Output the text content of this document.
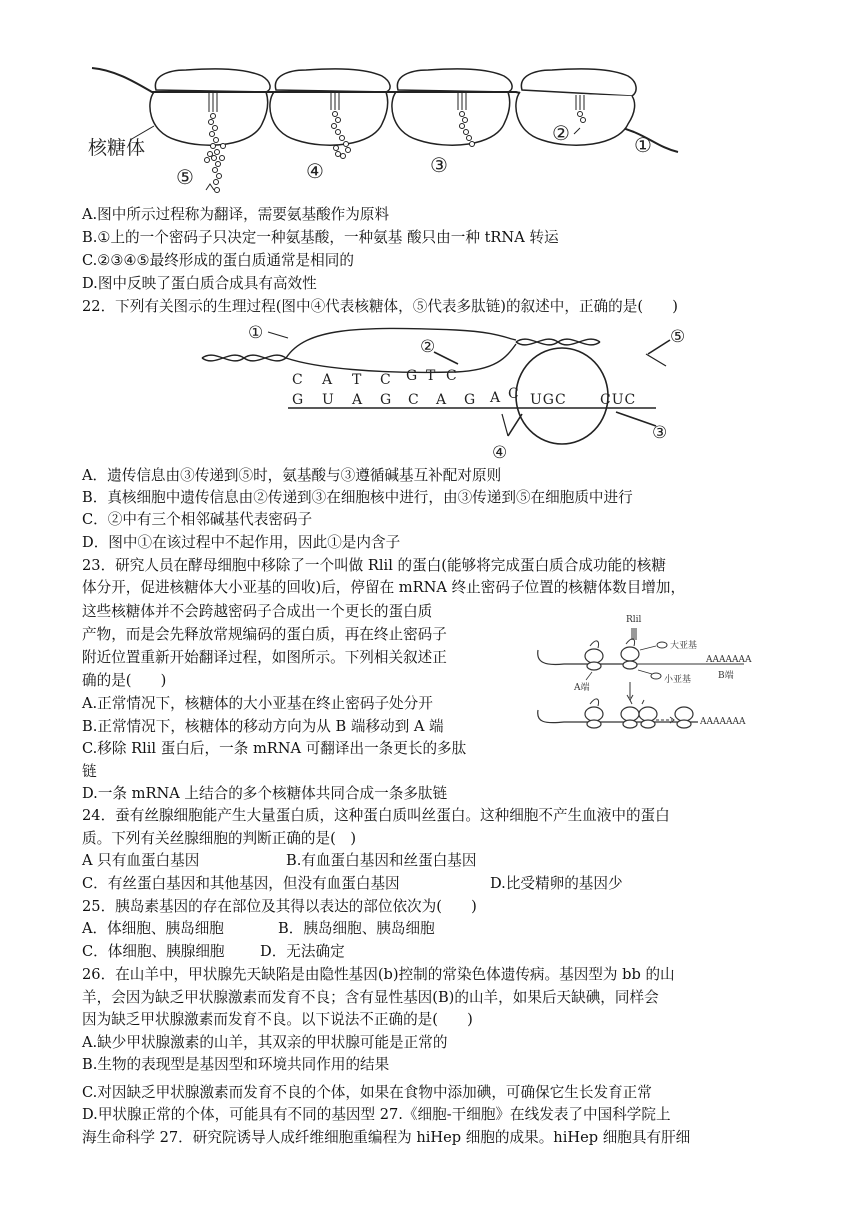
核糖体
⑤	④	③
②	①
A.图中所示过程称为翻译，需要氨基酸作为原料
B.①上的一个密码子只决定一种氨基酸，一种氨基 酸只由一种 tRNA 转运
C.②③④⑤最终形成的蛋白质通常是相同的
D.图中反映了蛋白质合成具有高效性
22．下列有关图示的生理过程(图中④代表核糖体，⑤代表多肽链)的叙述中，正确的是(　　)
C A T C G T C
G U A G C A G A C UGC CUC
①
②	⑤
③
④
A．遗传信息由③传递到⑤时，氨基酸与③遵循碱基互补配对原则
B．真核细胞中遗传信息由②传递到③在细胞核中进行，由③传递到⑤在细胞质中进行
C．②中有三个相邻碱基代表密码子
D．图中①在该过程中不起作用，因此①是内含子
23．研究人员在酵母细胞中移除了一个叫做 Rlil 的蛋白(能够将完成蛋白质合成功能的核糖
体分开，促进核糖体大小亚基的回收)后，停留在 mRNA 终止密码子位置的核糖体数目增加，
这些核糖体并不会跨越密码子合成出一个更长的蛋白质
产物，而是会先释放常规编码的蛋白质，再在终止密码子
附近位置重新开始翻译过程，如图所示。下列相关叙述正
确的是(　　)
Rlil
大亚基
小亚基
AAAAAAA
B端
A端
AAAAAAA
A.正常情况下，核糖体的大小亚基在终止密码子处分开
B.正常情况下，核糖体的移动方向为从 B 端移动到 A 端
C.移除 Rlil 蛋白后，一条 mRNA 可翻译出一条更长的多肽
链
D.一条 mRNA 上结合的多个核糖体共同合成一条多肽链
24．蚕有丝腺细胞能产生大量蛋白质，这种蛋白质叫丝蛋白。这种细胞不产生血液中的蛋白
质。下列有关丝腺细胞的判断正确的是(　)
A 只有血蛋白基因	B.有血蛋白基因和丝蛋白基因
C．有丝蛋白基因和其他基因，但没有血蛋白基因	D.比受精卵的基因少
25．胰岛素基因的存在部位及其得以表达的部位依次为(　　)
A．体细胞、胰岛细胞	B．胰岛细胞、胰岛细胞
C．体细胞、胰腺细胞 D．无法确定
26．在山羊中，甲状腺先天缺陷是由隐性基因(b)控制的常染色体遗传病。基因型为 bb 的山
羊，会因为缺乏甲状腺激素而发育不良；含有显性基因(B)的山羊，如果后天缺碘，同样会
因为缺乏甲状腺激素而发育不良。以下说法不正确的是(　　)
A.缺少甲状腺激素的山羊，其双亲的甲状腺可能是正常的
B.生物的表现型是基因型和环境共同作用的结果
C.对因缺乏甲状腺激素而发育不良的个体，如果在食物中添加碘，可确保它生长发育正常
D.甲状腺正常的个体，可能具有不同的基因型 27.《细胞-干细胞》在线发表了中国科学院上
海生命科学 27．研究院诱导人成纤维细胞重编程为 hiHep 细胞的成果。hiHep 细胞具有肝细
